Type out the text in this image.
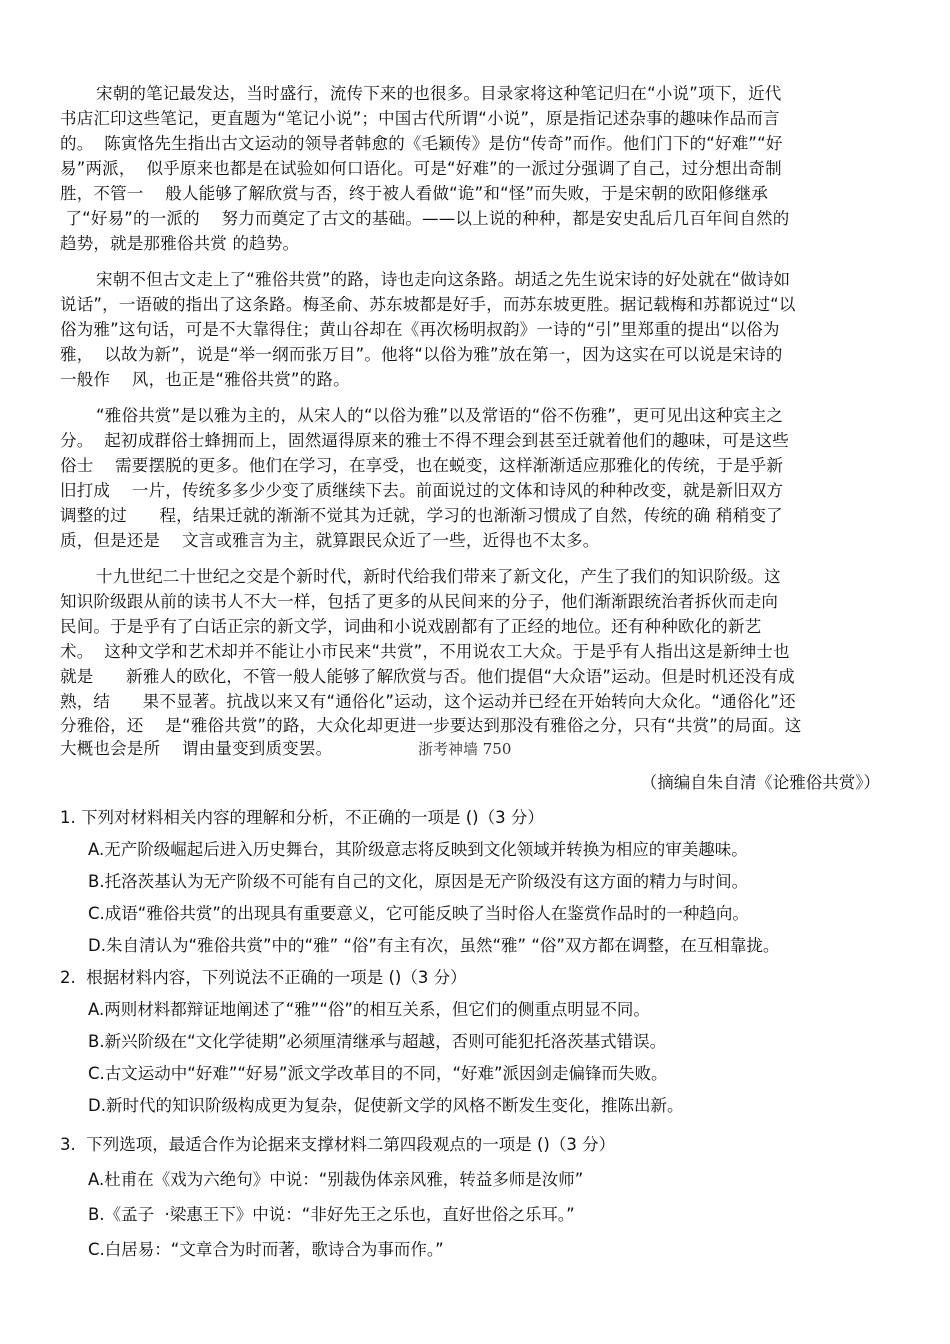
宋朝的笔记最发达，当时盛行，流传下来的也很多。目录家将这种笔记归在“小说”项下，近代
书店汇印这些笔记，更直题为“笔记小说”；中国古代所谓“小说”，原是指记述杂事的趣味作品而言
的。  陈寅恪先生指出古文运动的领导者韩愈的《毛颖传》是仿“传奇”而作。他们门下的“好难”“好
易”两派，  似乎原来也都是在试验如何口语化。可是“好难”的一派过分强调了自己，过分想出奇制
胜，不管一    般人能够了解欣赏与否，终于被人看做“诡”和“怪”而失败，于是宋朝的欧阳修继承
了“好易”的一派的    努力而奠定了古文的基础。——以上说的种种，都是安史乱后几百年间自然的
趋势，就是那雅俗共赏 的趋势。
宋朝不但古文走上了“雅俗共赏”的路，诗也走向这条路。胡适之先生说宋诗的好处就在“做诗如
说话”，一语破的指出了这条路。梅圣俞、苏东坡都是好手，而苏东坡更胜。据记载梅和苏都说过“以
俗为雅”这句话，可是不大靠得住；黄山谷却在《再次杨明叔韵》一诗的“引”里郑重的提出“以俗为
雅，  以故为新”，说是“举一纲而张万目”。他将“以俗为雅”放在第一，因为这实在可以说是宋诗的
一般作    风，也正是“雅俗共赏”的路。
“雅俗共赏”是以雅为主的，从宋人的“以俗为雅”以及常语的“俗不伤雅”，更可见出这种宾主之
分。  起初成群俗士蜂拥而上，固然逼得原来的雅士不得不理会到甚至迁就着他们的趣味，可是这些
俗士    需要摆脱的更多。他们在学习，在享受，也在蜕变，这样渐渐适应那雅化的传统，于是乎新
旧打成    一片，传统多多少少变了质继续下去。前面说过的文体和诗风的种种改变，就是新旧双方
调整的过      程，结果迁就的渐渐不觉其为迁就，学习的也渐渐习惯成了自然，传统的确 稍稍变了
质，但是还是    文言或雅言为主，就算跟民众近了一些，近得也不太多。
十九世纪二十世纪之交是个新时代，新时代给我们带来了新文化，产生了我们的知识阶级。这
知识阶级跟从前的读书人不大一样，包括了更多的从民间来的分子，他们渐渐跟统治者拆伙而走向
民间。于是乎有了白话正宗的新文学，词曲和小说戏剧都有了正经的地位。还有种种欧化的新艺
术。  这种文学和艺术却并不能让小市民来“共赏”，不用说农工大众。于是乎有人指出这是新绅士也
就是      新雅人的欧化，不管一般人能够了解欣赏与否。他们提倡“大众语”运动。但是时机还没有成
熟，结      果不显著。抗战以来又有“通俗化”运动，这个运动并已经在开始转向大众化。“通俗化”还
分雅俗，还    是“雅俗共赏”的路，大众化却更进一步要达到那没有雅俗之分，只有“共赏”的局面。这
大概也会是所    谓由量变到质变罢。	浙考神墙 750
（摘编自朱自清《论雅俗共赏》）
1. 下列对材料相关内容的理解和分析，不正确的一项是 ()（3 分）
A.无产阶级崛起后进入历史舞台，其阶级意志将反映到文化领域并转换为相应的审美趣味。
B.托洛茨基认为无产阶级不可能有自己的文化，原因是无产阶级没有这方面的精力与时间。
C.成语“雅俗共赏”的出现具有重要意义，它可能反映了当时俗人在鉴赏作品时的一种趋向。
D.朱自清认为“雅俗共赏”中的“雅” “俗”有主有次，虽然“雅” “俗”双方都在调整，在互相靠拢。
2.  根据材料内容，下列说法不正确的一项是 ()（3 分）
A.两则材料都辩证地阐述了“雅”“俗”的相互关系，但它们的侧重点明显不同。
B.新兴阶级在“文化学徒期”必须厘清继承与超越，否则可能犯托洛茨基式错误。
C.古文运动中“好难”“好易”派文学改革目的不同，“好难”派因剑走偏锋而失败。
D.新时代的知识阶级构成更为复杂，促使新文学的风格不断发生变化，推陈出新。
3.  下列选项，最适合作为论据来支撑材料二第四段观点的一项是 ()（3 分）
A.杜甫在《戏为六绝句》中说：“别裁伪体亲风雅，转益多师是汝师”
B.《孟子  ·梁惠王下》中说：“非好先王之乐也，直好世俗之乐耳。”
C.白居易：“文章合为时而著，歌诗合为事而作。”
